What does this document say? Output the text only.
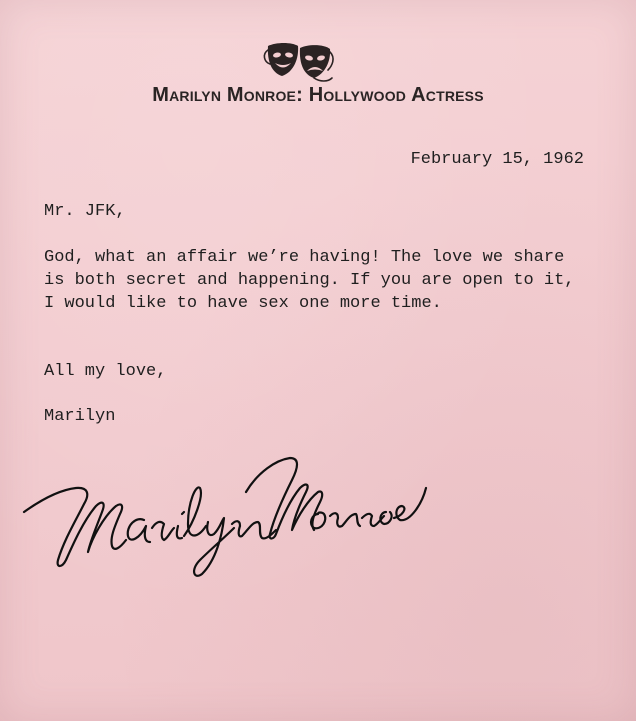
Marilyn Monroe: Hollywood Actress
February 15, 1962
Mr. JFK,

God, what an affair we’re having! The love we share is both secret and happening. If you are open to it, I would like to have sex one more time.

All my love,
Marilyn
